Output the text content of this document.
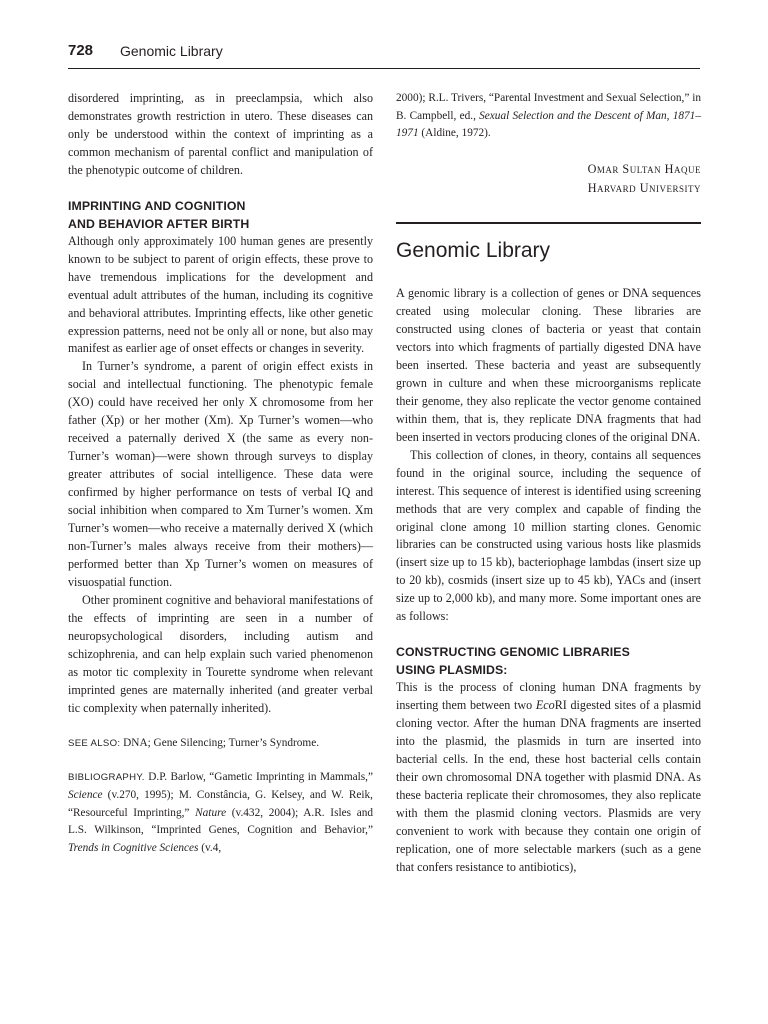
728 Genomic Library

disordered imprinting, as in preeclampsia, which also demonstrates growth restriction in utero. These diseases can only be understood within the context of imprinting as a common mechanism of parental conflict and manipulation of the phenotypic outcome of children.

IMPRINTING AND COGNITION
AND BEHAVIOR AFTER BIRTH

Although only approximately 100 human genes are presently known to be subject to parent of origin effects, these prove to have tremendous implications for the development and eventual adult attributes of the human, including its cognitive and behavioral attributes. Imprinting effects, like other genetic expression patterns, need not be only all or none, but also may manifest as earlier age of onset effects or changes in severity.

In Turner’s syndrome, a parent of origin effect exists in social and intellectual functioning. The phenotypic female (XO) could have received her only X chromosome from her father (Xp) or her mother (Xm). Xp Turner’s women—who received a paternally derived X (the same as every non-Turner’s woman)—were shown through surveys to display greater attributes of social intelligence. These data were confirmed by higher performance on tests of verbal IQ and social inhibition when compared to Xm Turner’s women. Xm Turner’s women—who receive a maternally derived X (which non-Turner’s males always receive from their mothers)—performed better than Xp Turner’s women on measures of visuospatial function.

Other prominent cognitive and behavioral manifestations of the effects of imprinting are seen in a number of neuropsychological disorders, including autism and schizophrenia, and can help explain such varied phenomenon as motor tic complexity in Tourette syndrome when relevant imprinted genes are maternally inherited (and greater verbal tic complexity when paternally inherited).

SEE ALSO: DNA; Gene Silencing; Turner’s Syndrome.

BIBLIOGRAPHY. D.P. Barlow, “Gametic Imprinting in Mammals,” Science (v.270, 1995); M. Constância, G. Kelsey, and W. Reik, “Resourceful Imprinting,” Nature (v.432, 2004); A.R. Isles and L.S. Wilkinson, “Imprinted Genes, Cognition and Behavior,” Trends in Cognitive Sciences (v.4,

2000); R.L. Trivers, “Parental Investment and Sexual Selection,” in B. Campbell, ed., Sexual Selection and the Descent of Man, 1871–1971 (Aldine, 1972).

Omar Sultan Haque
Harvard University
Genomic Library

A genomic library is a collection of genes or DNA sequences created using molecular cloning. These libraries are constructed using clones of bacteria or yeast that contain vectors into which fragments of partially digested DNA have been inserted. These bacteria and yeast are subsequently grown in culture and when these microorganisms replicate their genome, they also replicate the vector genome contained within them, that is, they replicate DNA fragments that had been inserted in vectors producing clones of the original DNA.

This collection of clones, in theory, contains all sequences found in the original source, including the sequence of interest. This sequence of interest is identified using screening methods that are very complex and capable of finding the original clone among 10 million starting clones. Genomic libraries can be constructed using various hosts like plasmids (insert size up to 15 kb), bacteriophage lambdas (insert size up to 20 kb), cosmids (insert size up to 45 kb), YACs and (insert size up to 2,000 kb), and many more. Some important ones are as follows:

CONSTRUCTING GENOMIC LIBRARIES
USING PLASMIDS:

This is the process of cloning human DNA fragments by inserting them between two EcoRI digested sites of a plasmid cloning vector. After the human DNA fragments are inserted into the plasmid, the plasmids in turn are inserted into bacterial cells. In the end, these host bacterial cells contain their own chromosomal DNA together with plasmid DNA. As these bacteria replicate their chromosomes, they also replicate with them the plasmid cloning vectors. Plasmids are very convenient to work with because they contain one origin of replication, one of more selectable markers (such as a gene that confers resistance to antibiotics),
